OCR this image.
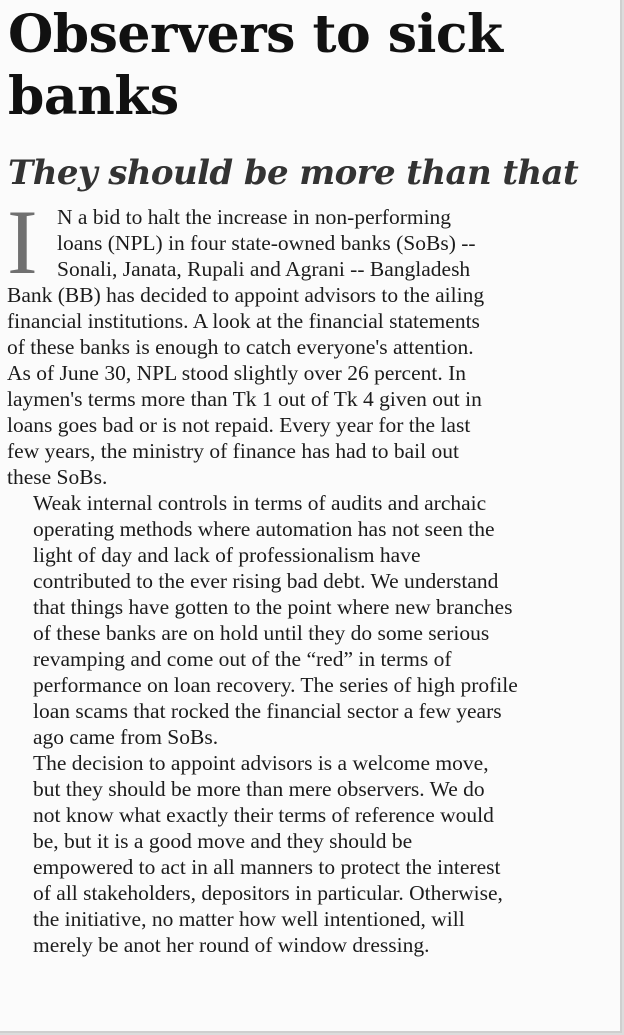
Observers to sick banks
They should be more than that
I N a bid to halt the increase in non-performing
loans (NPL) in four state-owned banks (SoBs) --
Sonali, Janata, Rupali and Agrani -- Bangladesh
Bank (BB) has decided to appoint advisors to the ailing
financial institutions. A look at the financial statements
of these banks is enough to catch everyone's attention.
As of June 30, NPL stood slightly over 26 percent. In
laymen's terms more than Tk 1 out of Tk 4 given out in
loans goes bad or is not repaid. Every year for the last
few years, the ministry of finance has had to bail out
these SoBs.
Weak internal controls in terms of audits and archaic
operating methods where automation has not seen the
light of day and lack of professionalism have
contributed to the ever rising bad debt. We understand
that things have gotten to the point where new branches
of these banks are on hold until they do some serious
revamping and come out of the “red” in terms of
performance on loan recovery. The series of high profile
loan scams that rocked the financial sector a few years
ago came from SoBs.
The decision to appoint advisors is a welcome move,
but they should be more than mere observers. We do
not know what exactly their terms of reference would
be, but it is a good move and they should be
empowered to act in all manners to protect the interest
of all stakeholders, depositors in particular. Otherwise,
the initiative, no matter how well intentioned, will
merely be anot her round of window dressing.
